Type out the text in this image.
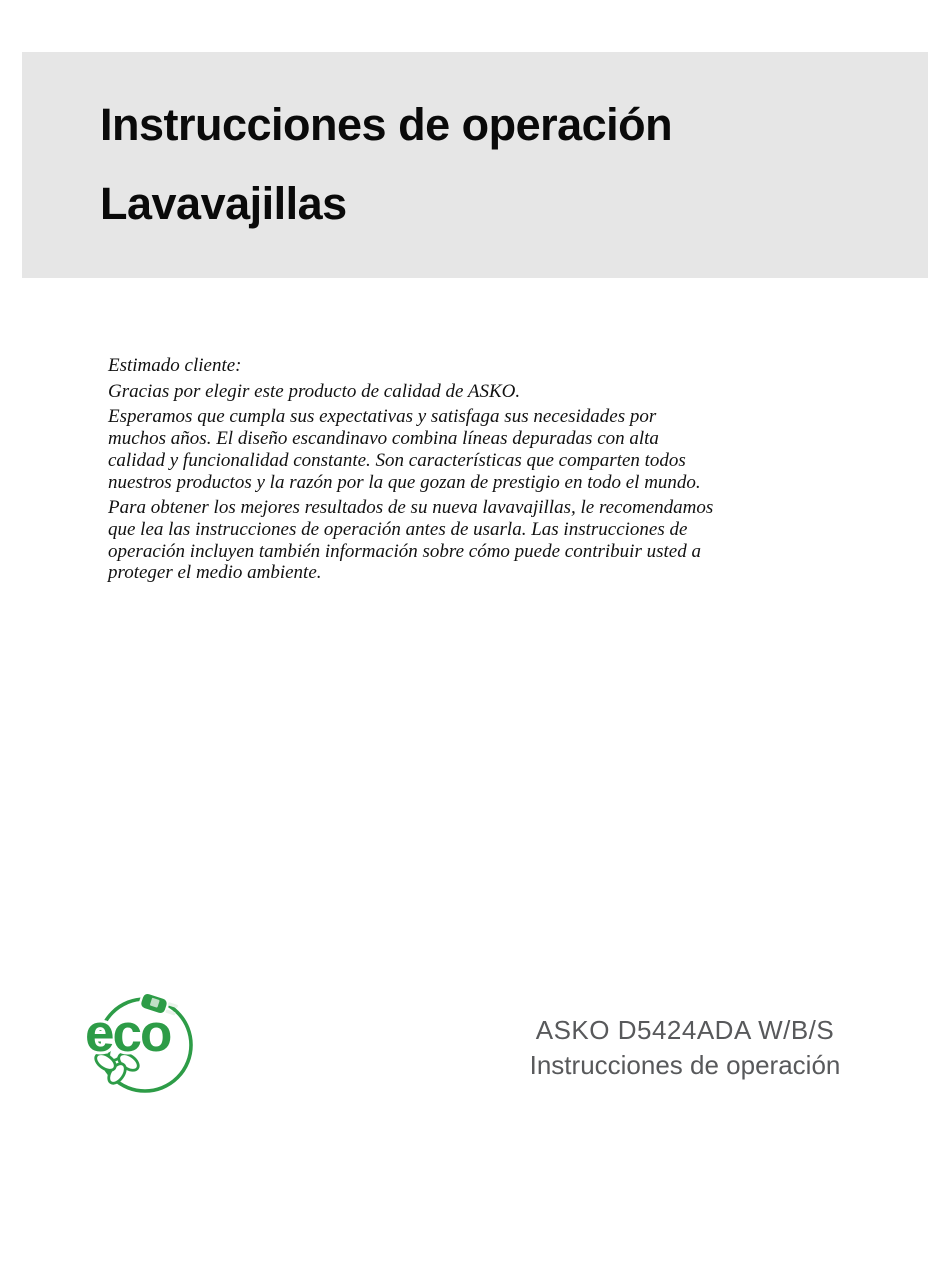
Instrucciones de operación
Lavavajillas

Estimado cliente:

Gracias por elegir este producto de calidad de ASKO.

Esperamos que cumpla sus expectativas y satisfaga sus necesidades por muchos años. El diseño escandinavo combina líneas depuradas con alta calidad y funcionalidad constante. Son características que comparten todos nuestros productos y la razón por la que gozan de prestigio en todo el mundo.

Para obtener los mejores resultados de su nueva lavavajillas, le recomendamos que lea las instrucciones de operación antes de usarla. Las instrucciones de operación incluyen también información sobre cómo puede contribuir usted a proteger el medio ambiente.

eco	ASKO D5424ADA W/B/S
Instrucciones de operación
